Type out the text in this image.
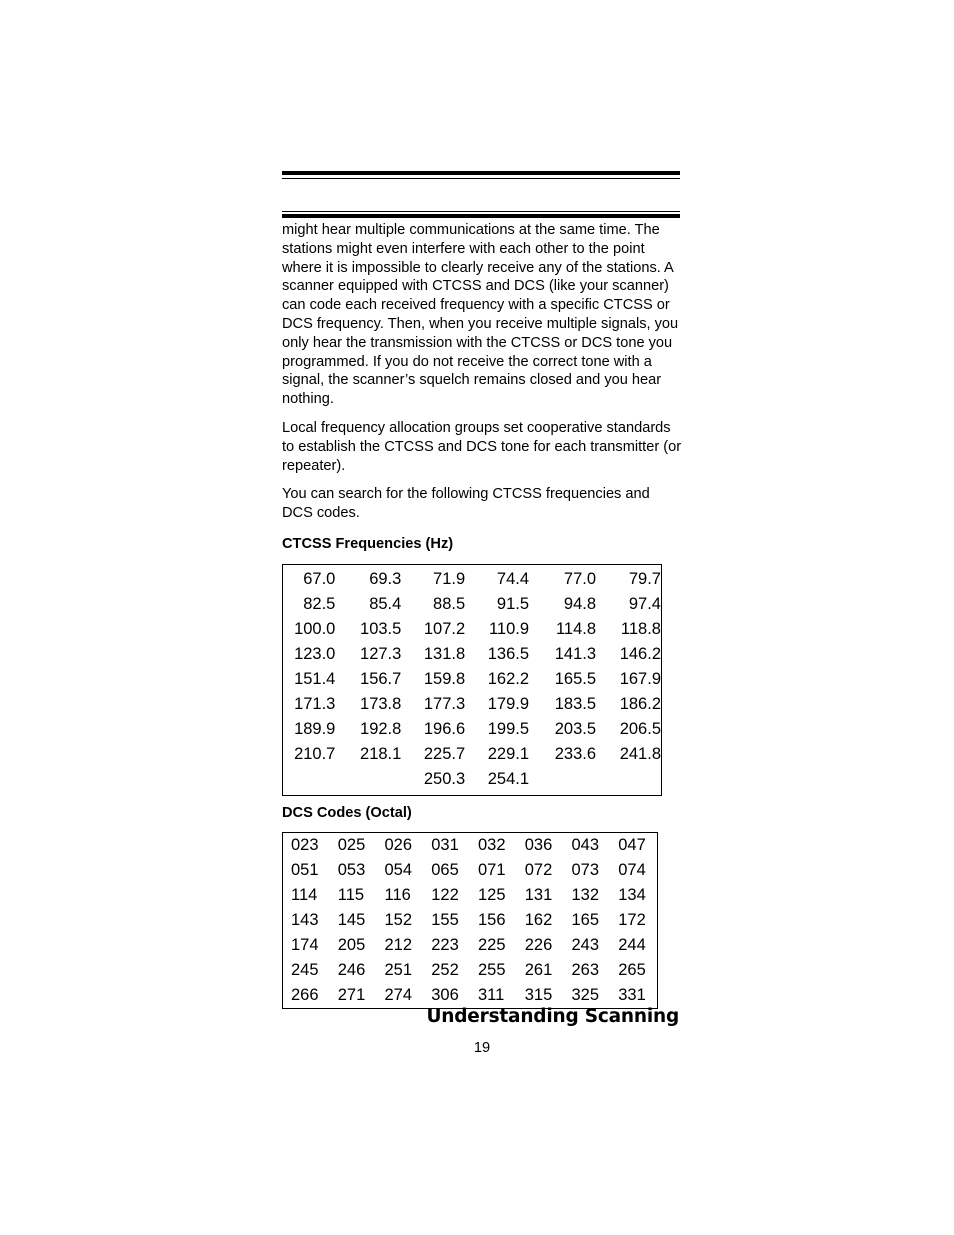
might hear multiple communications at the same time. The stations might even interfere with each other to the point where it is impossible to clearly receive any of the stations. A scanner equipped with CTCSS and DCS (like your scanner) can code each received frequency with a specific CTCSS or DCS frequency. Then, when you receive multiple signals, you only hear the transmission with the CTCSS or DCS tone you programmed. If you do not receive the correct tone with a signal, the scanner’s squelch remains closed and you hear nothing.

Local frequency allocation groups set cooperative standards to establish the CTCSS and DCS tone for each transmitter (or repeater).

You can search for the following CTCSS frequencies and DCS codes.

CTCSS Frequencies (Hz)

67.0	69.3	71.9	74.4	77.0	79.7
82.5	85.4	88.5	91.5	94.8	97.4
100.0	103.5	107.2	110.9	114.8	118.8
123.0	127.3	131.8	136.5	141.3	146.2
151.4	156.7	159.8	162.2	165.5	167.9
171.3	173.8	177.3	179.9	183.5	186.2
189.9	192.8	196.6	199.5	203.5	206.5
210.7	218.1	225.7	229.1	233.6	241.8
		250.3	254.1		

DCS Codes (Octal)

023	025	026	031	032	036	043	047
051	053	054	065	071	072	073	074
114	115	116	122	125	131	132	134
143	145	152	155	156	162	165	172
174	205	212	223	225	226	243	244
245	246	251	252	255	261	263	265
266	271	274	306	311	315	325	331
Understanding Scanning
19
